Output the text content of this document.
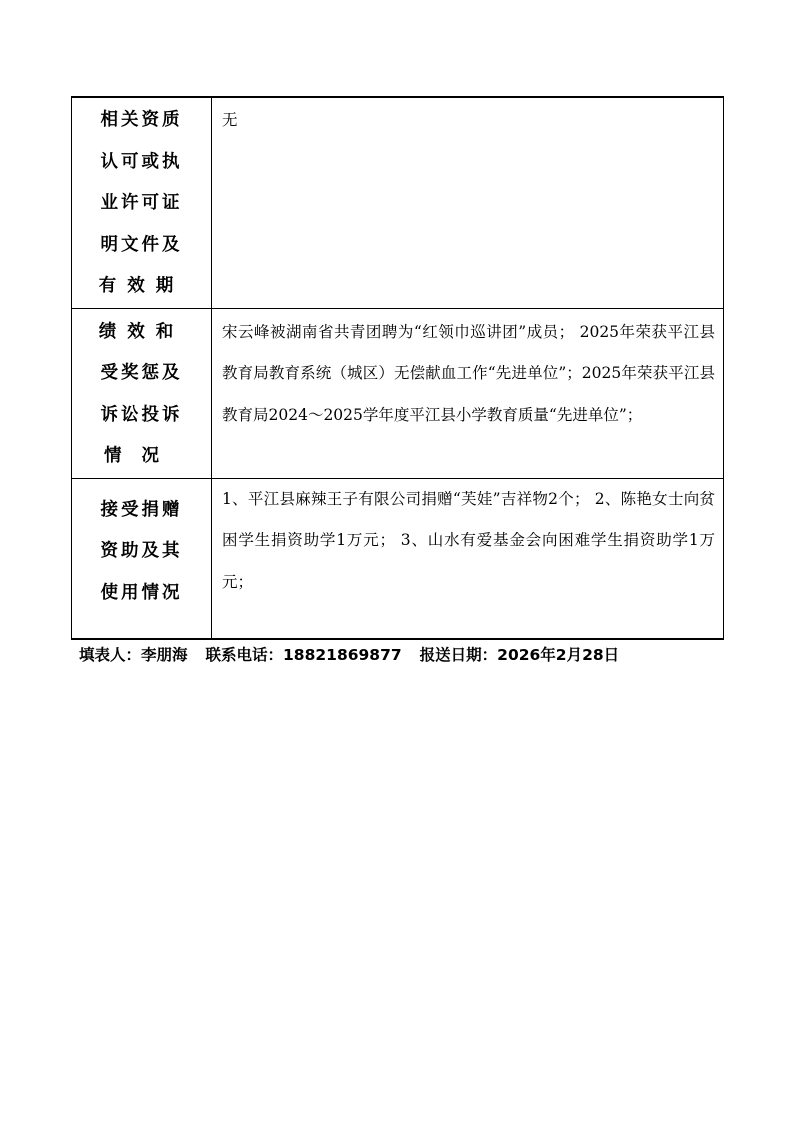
相关资质
认可或执
业许可证
明文件及
有效期	无

绩效和
受奖惩及
诉讼投诉
情况	宋云峰被湖南省共青团聘为“红领巾巡讲团”成员； 2025年荣获平江县教育局教育系统（城区）无偿献血工作“先进单位”；2025年荣获平江县教育局2024～2025学年度平江县小学教育质量“先进单位”；

接受捐赠
资助及其
使用情况	1、平江县麻辣王子有限公司捐赠“芙娃”吉祥物2个； 2、陈艳女士向贫困学生捐资助学1万元； 3、山水有爱基金会向困难学生捐资助学1万元；
填表人：李朋海 联系电话：18821869877 报送日期：2026年2月28日
